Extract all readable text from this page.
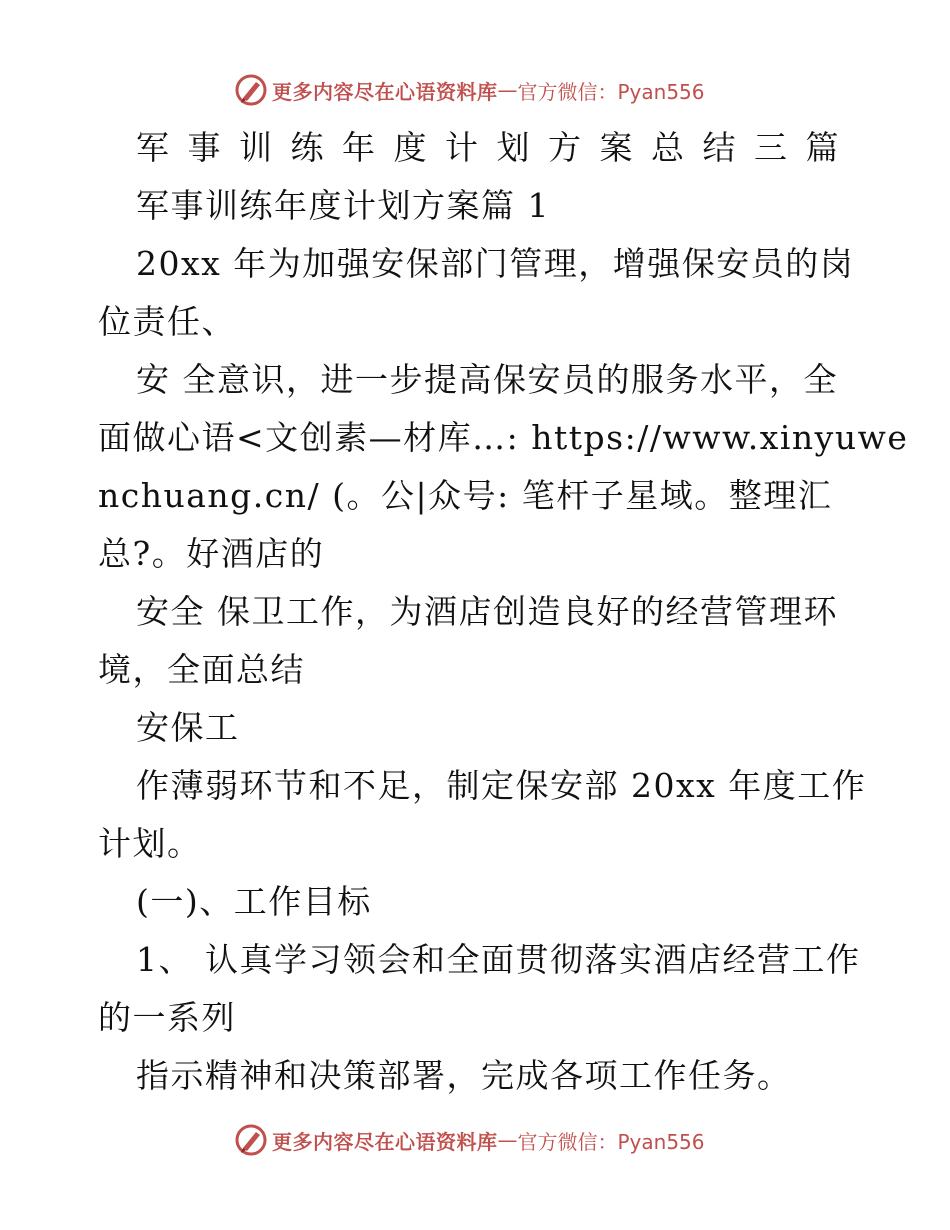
更多内容尽在心语资料库 — 官方微信：Pyan556
军事训练年度计划方案总结三篇
军事训练年度计划方案篇 1
20xx 年为加强安保部门管理，增强保安员的岗
位责任、
安 全意识，进一步提高保安员的服务水平，全
面做心语<文创素—材库…: https://www.xinyuwe
nchuang.cn/ (。公|众号: 笔杆子星域。整理汇
总?。好酒店的
安全 保卫工作，为酒店创造良好的经营管理环
境，全面总结
安保工
作薄弱环节和不足，制定保安部 20xx 年度工作
计划。
(一)、工作目标
1、 认真学习领会和全面贯彻落实酒店经营工作
的一系列
指示精神和决策部署，完成各项工作任务。
更多内容尽在心语资料库 — 官方微信：Pyan556
